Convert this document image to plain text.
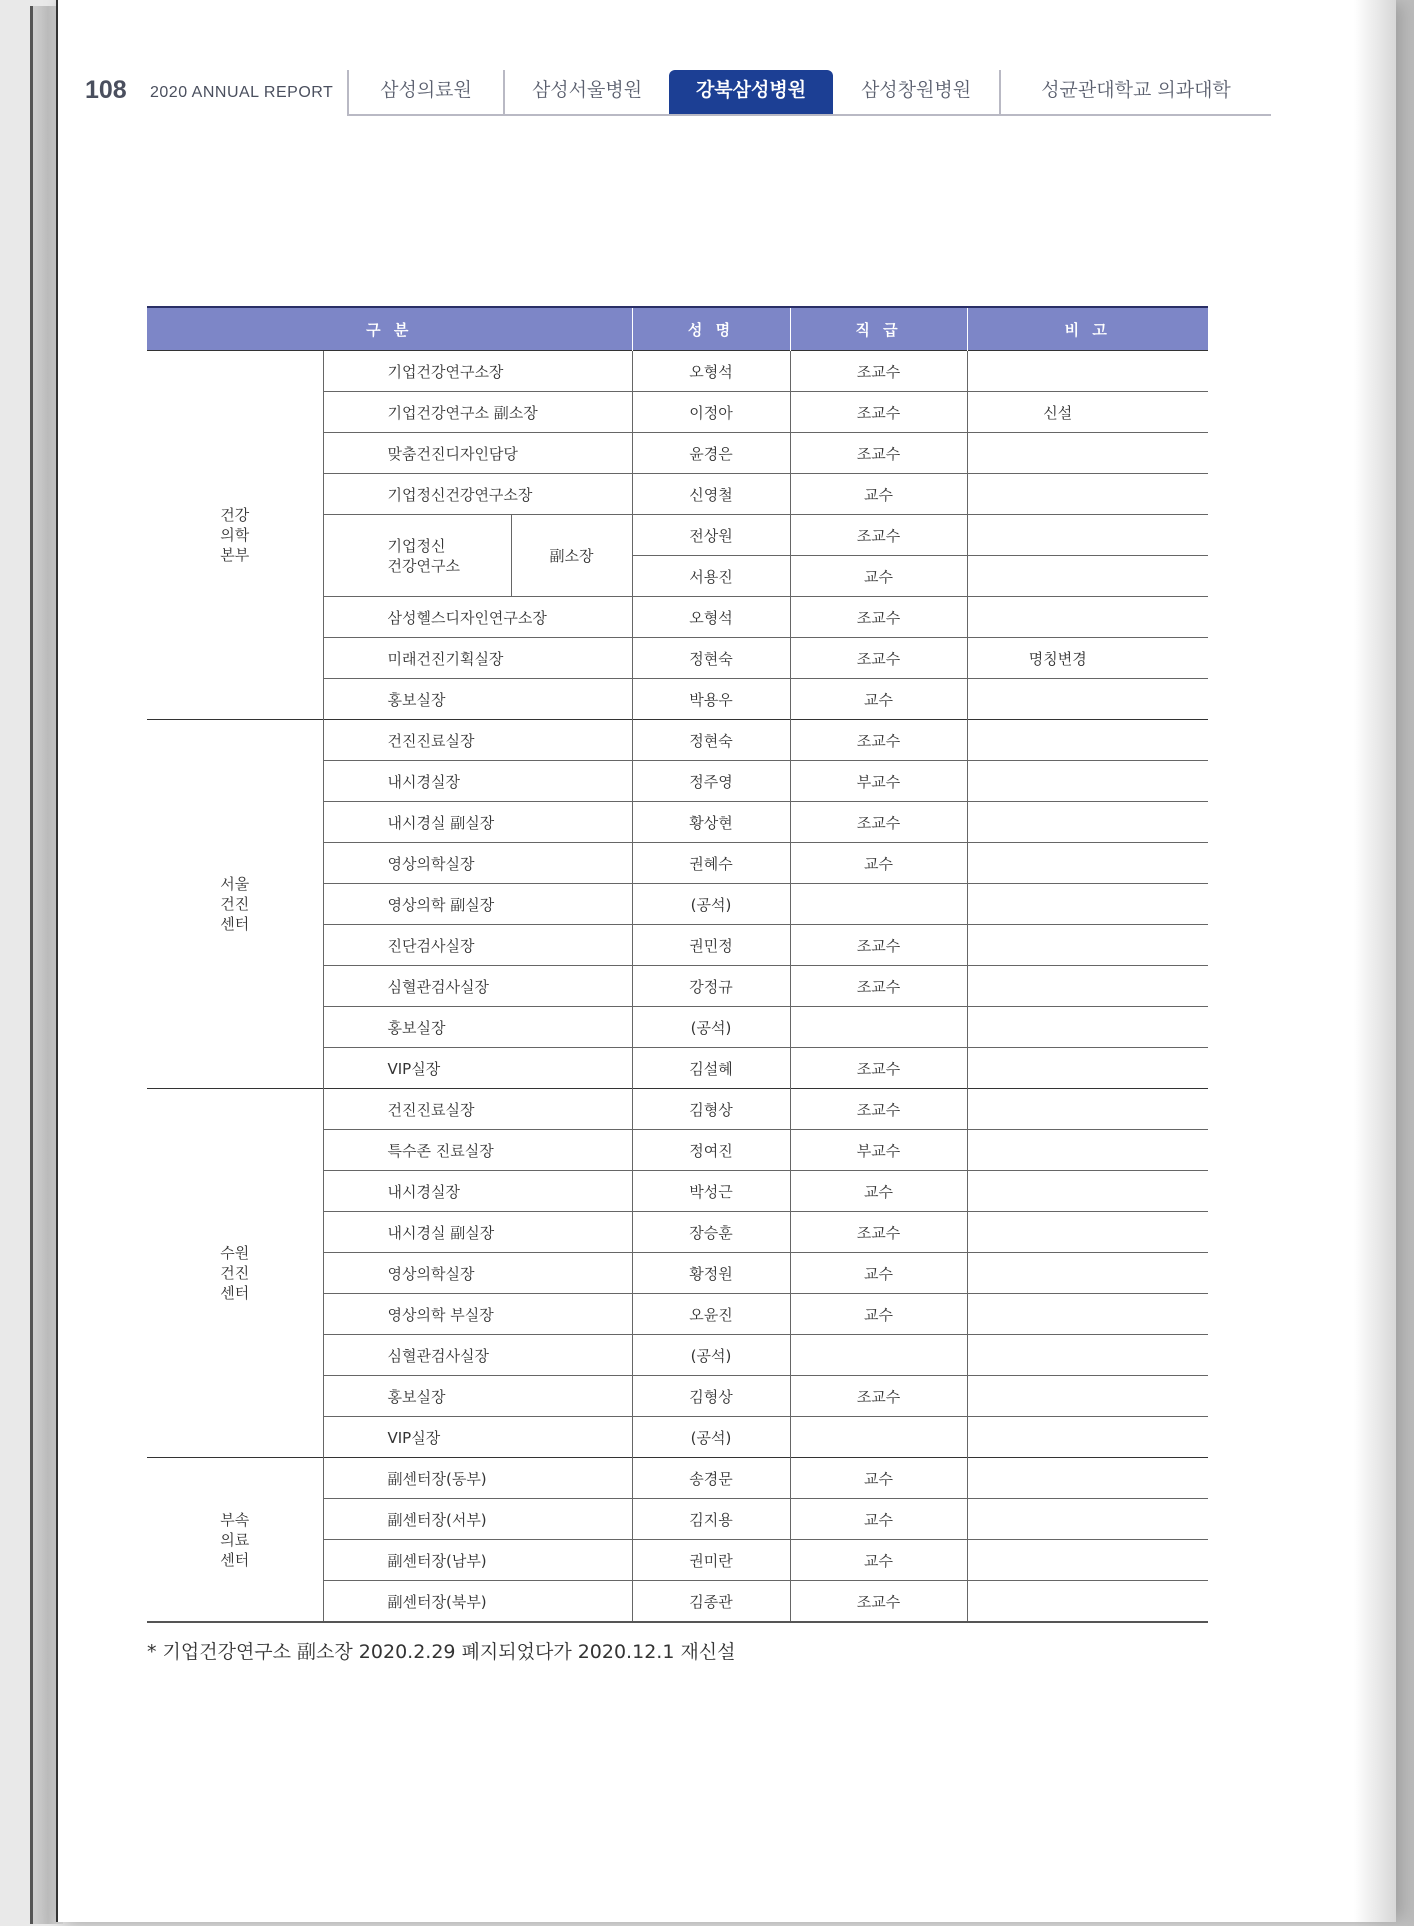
108 2020 ANNUAL REPORT	삼성의료원	삼성서울병원	강북삼성병원	삼성창원병원	성균관대학교 의과대학
구 분			성 명	직 급	비 고
건강
의학
본부	기업건강연구소장		오형석	조교수	
	기업건강연구소 副소장		이정아	조교수	신설
	맞춤건진디자인담당		윤경은	조교수	
	기업정신건강연구소장		신영철	교수	
	기업정신
건강연구소	副소장	전상원	조교수	
			서용진	교수	
	삼성헬스디자인연구소장		오형석	조교수	
	미래건진기획실장		정현숙	조교수	명칭변경
	홍보실장		박용우	교수	
서울
건진
센터	건진진료실장		정현숙	조교수	
	내시경실장		정주영	부교수	
	내시경실 副실장		황상현	조교수	
	영상의학실장		권혜수	교수	
	영상의학 副실장		(공석)		
	진단검사실장		권민정	조교수	
	심혈관검사실장		강정규	조교수	
	홍보실장		(공석)		
	VIP실장		김설혜	조교수	
수원
건진
센터	건진진료실장		김형상	조교수	
	특수존 진료실장		정여진	부교수	
	내시경실장		박성근	교수	
	내시경실 副실장		장승훈	조교수	
	영상의학실장		황정원	교수	
	영상의학 부실장		오윤진	교수	
	심혈관검사실장		(공석)		
	홍보실장		김형상	조교수	
	VIP실장		(공석)		
부속
의료
센터	副센터장(동부)		송경문	교수	
	副센터장(서부)		김지용	교수	
	副센터장(남부)		권미란	교수	
	副센터장(북부)		김종관	조교수	
* 기업건강연구소 副소장 2020.2.29 폐지되었다가 2020.12.1 재신설
